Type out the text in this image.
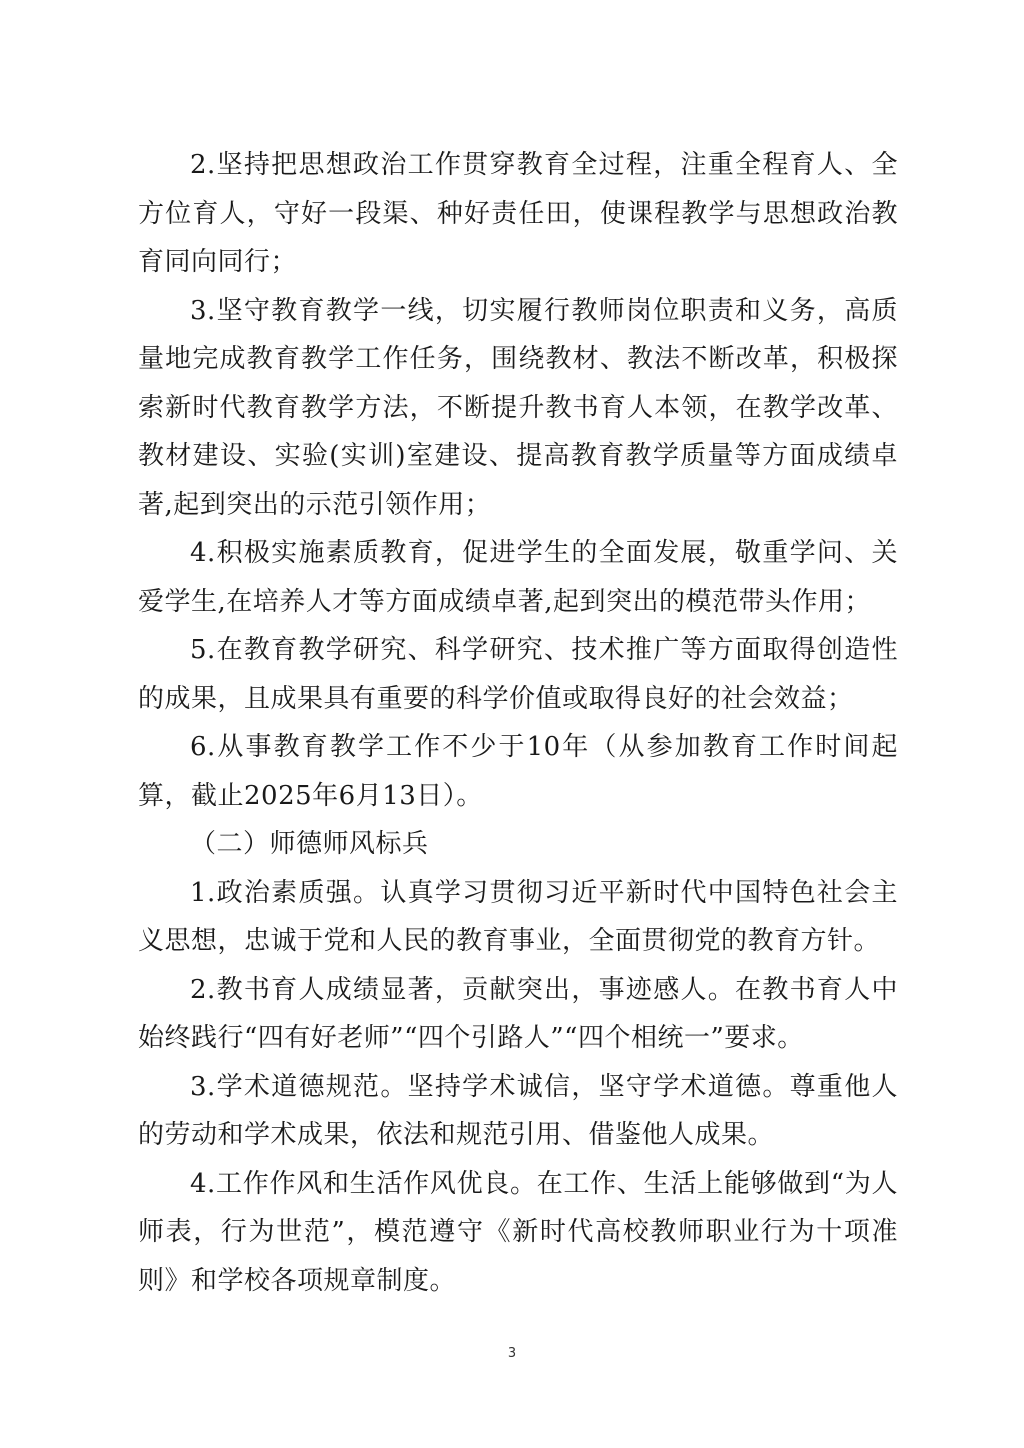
2.坚持把思想政治工作贯穿教育全过程，注重全程育人、全方位育人，守好一段渠、种好责任田，使课程教学与思想政治教育同向同行；

3.坚守教育教学一线，切实履行教师岗位职责和义务，高质量地完成教育教学工作任务，围绕教材、教法不断改革，积极探索新时代教育教学方法，不断提升教书育人本领，在教学改革、教材建设、实验(实训)室建设、提高教育教学质量等方面成绩卓著,起到突出的示范引领作用；

4.积极实施素质教育，促进学生的全面发展，敬重学问、关爱学生,在培养人才等方面成绩卓著,起到突出的模范带头作用；

5.在教育教学研究、科学研究、技术推广等方面取得创造性的成果，且成果具有重要的科学价值或取得良好的社会效益；

6.从事教育教学工作不少于10年（从参加教育工作时间起算，截止2025年6月13日）。

（二）师德师风标兵

1.政治素质强。认真学习贯彻习近平新时代中国特色社会主义思想，忠诚于党和人民的教育事业，全面贯彻党的教育方针。

2.教书育人成绩显著，贡献突出，事迹感人。在教书育人中始终践行“四有好老师”“四个引路人”“四个相统一”要求。

3.学术道德规范。坚持学术诚信，坚守学术道德。尊重他人的劳动和学术成果，依法和规范引用、借鉴他人成果。

4.工作作风和生活作风优良。在工作、生活上能够做到“为人师表，行为世范”，模范遵守《新时代高校教师职业行为十项准则》和学校各项规章制度。

3
